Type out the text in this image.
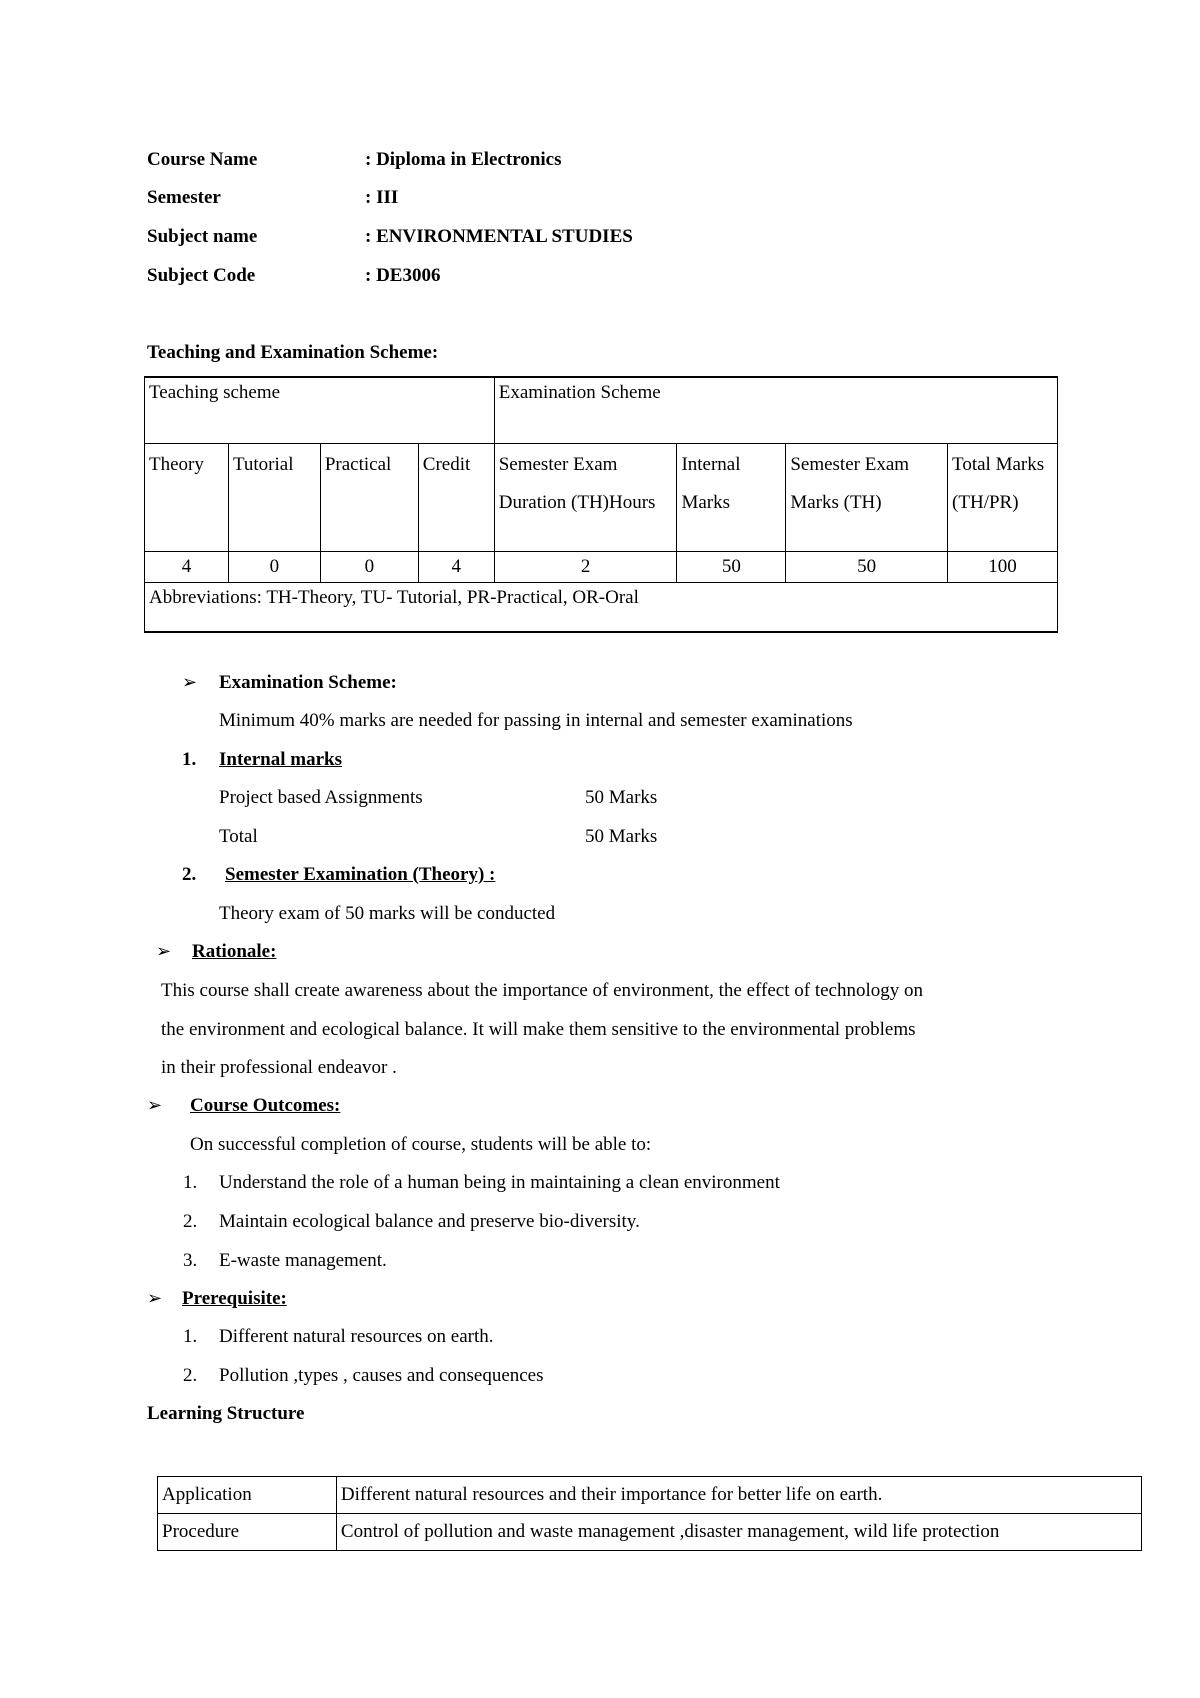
Course Name	: Diploma in Electronics
Semester	: III
Subject name	: ENVIRONMENTAL STUDIES
Subject Code	: DE3006
Teaching and Examination Scheme:
Teaching scheme				Examination Scheme			
Theory	Tutorial	Practical	Credit	Semester Exam Duration (TH)Hours	Internal Marks	Semester Exam Marks (TH)	Total Marks (TH/PR)
4	0	0	4	2	50	50	100
Abbreviations: TH-Theory, TU- Tutorial, PR-Practical, OR-Oral							
➢ Examination Scheme:
Minimum 40% marks are needed for passing in internal and semester examinations
1. Internal marks
Project based Assignments	50 Marks
Total	50 Marks
2. Semester Examination (Theory) :
Theory exam of 50 marks will be conducted
➢ Rationale:
This course shall create awareness about the importance of environment, the effect of technology on
the environment and ecological balance. It will make them sensitive to the environmental problems
in their professional endeavor .
➢ Course Outcomes:
On successful completion of course, students will be able to:
1. Understand the role of a human being in maintaining a clean environment
2. Maintain ecological balance and preserve bio-diversity.
3. E-waste management.
➢ Prerequisite:
1. Different natural resources on earth.
2. Pollution ,types , causes and consequences
Learning Structure
Application	Different natural resources and their importance for better life on earth.
Procedure	Control of pollution and waste management ,disaster management, wild life protection
